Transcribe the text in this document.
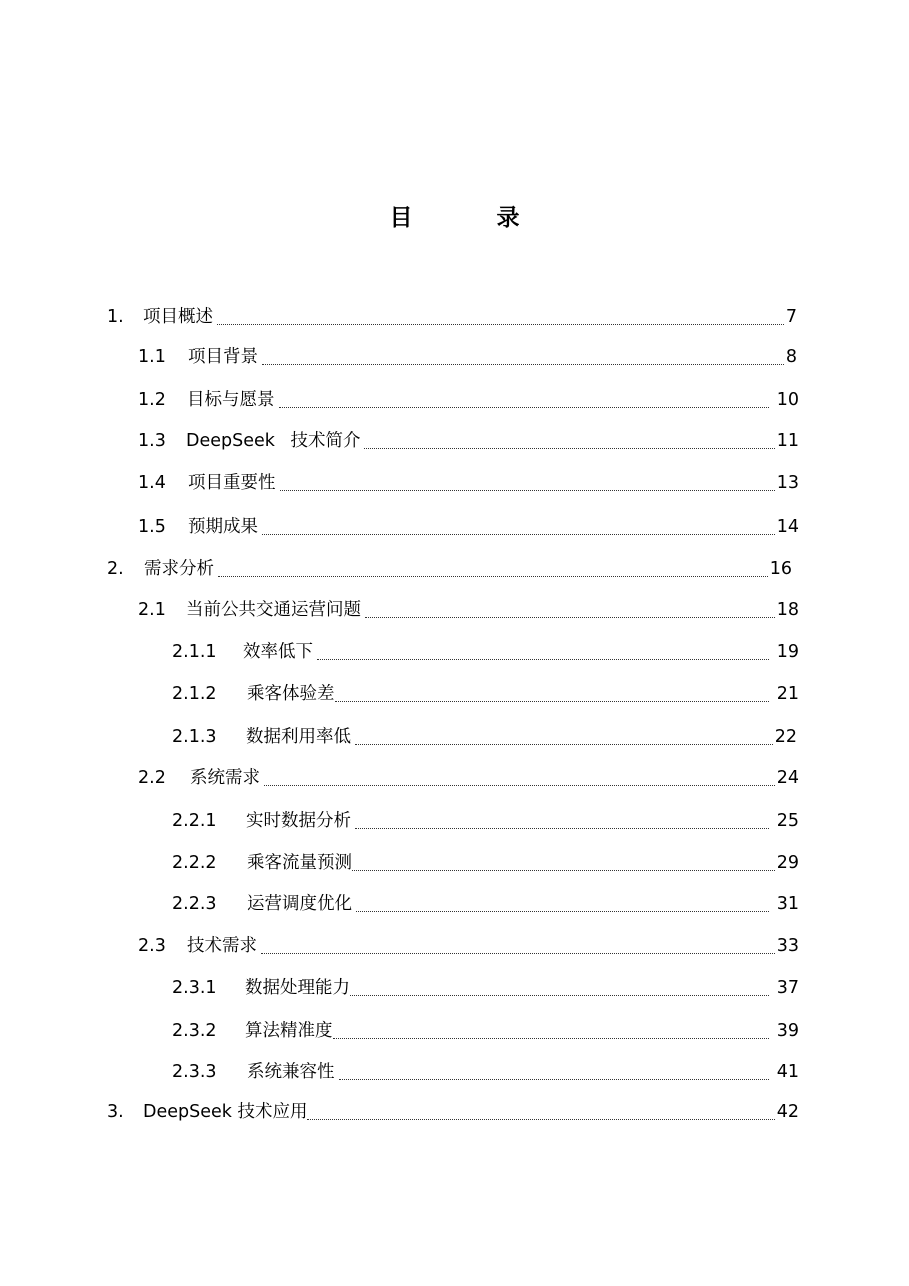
目 录
1.	项目概述	7
1.1	项目背景	8
1.2	目标与愿景	10
1.3	DeepSeek 技术简介	11
1.4	项目重要性	13
1.5	预期成果	14
2.	需求分析	16
2.1	当前公共交通运营问题	18
2.1.1	效率低下	19
2.1.2	乘客体验差	21
2.1.3	数据利用率低	22
2.2	系统需求	24
2.2.1	实时数据分析	25
2.2.2	乘客流量预测	29
2.2.3	运营调度优化	31
2.3	技术需求	33
2.3.1	数据处理能力	37
2.3.2	算法精准度	39
2.3.3	系统兼容性	41
3.	DeepSeek 技术应用	42
